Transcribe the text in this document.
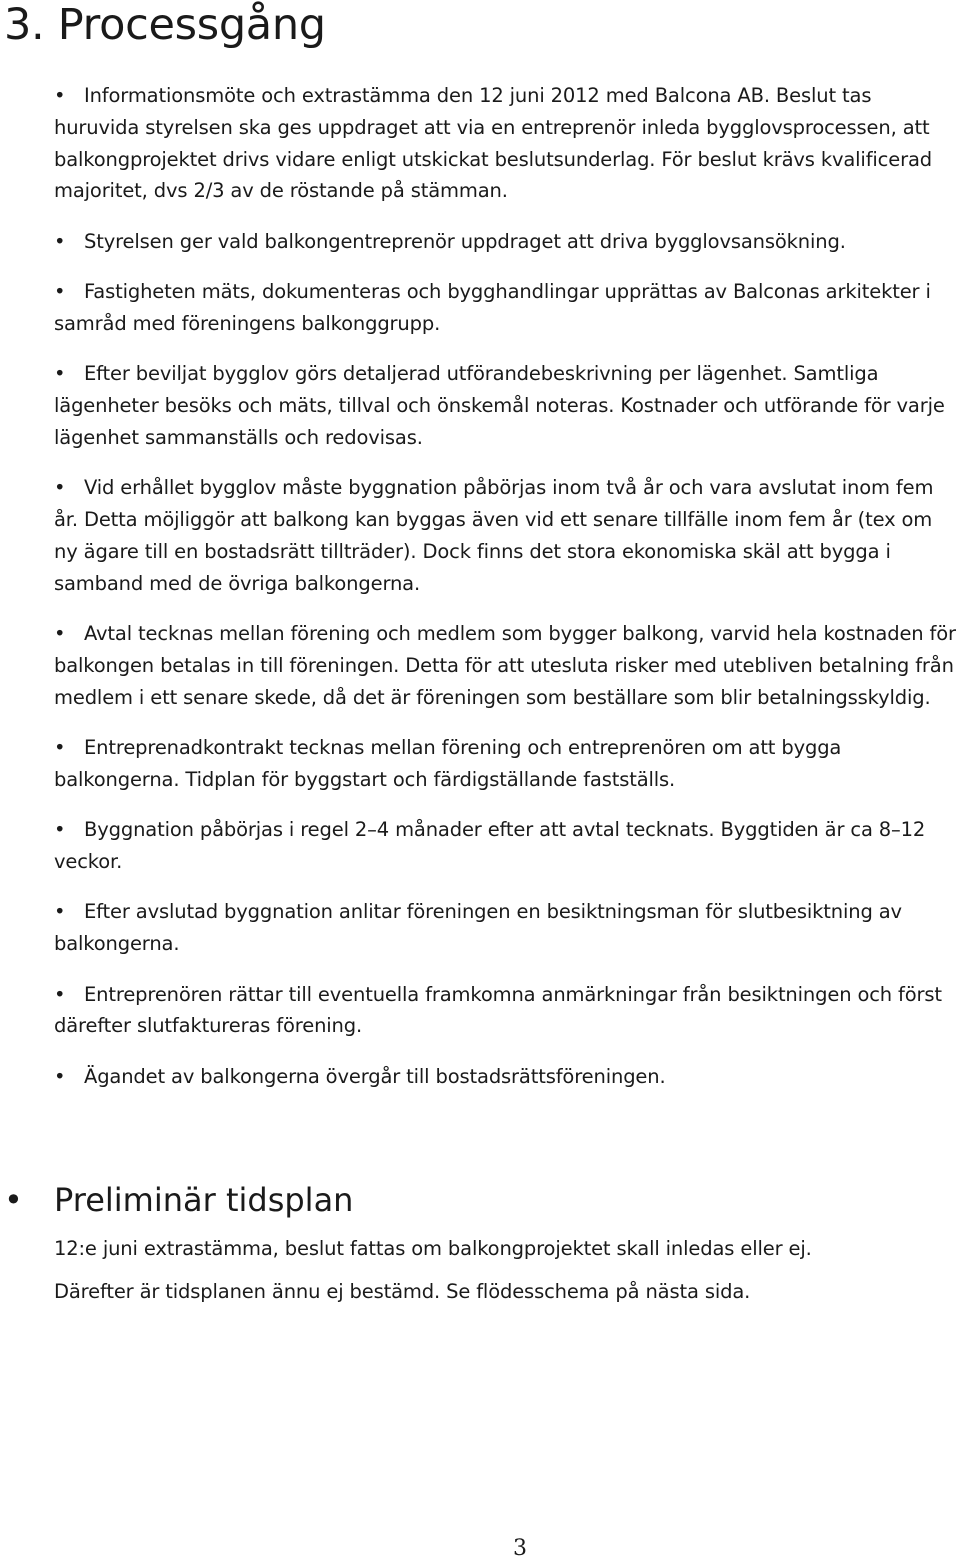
3. Processgång
• Informationsmöte och extrastämma den 12 juni 2012 med Balcona AB. Beslut tas huruvida styrelsen ska ges uppdraget att via en entreprenör inleda bygglovsprocessen, att balkongprojektet drivs vidare enligt utskickat beslutsunderlag. För beslut krävs kvalificerad majoritet, dvs 2/3 av de röstande på stämman.
• Styrelsen ger vald balkongentreprenör uppdraget att driva bygglovsansökning.
• Fastigheten mäts, dokumenteras och bygghandlingar upprättas av Balconas arkitekter i samråd med föreningens balkonggrupp.
• Efter beviljat bygglov görs detaljerad utförandebeskrivning per lägenhet. Samtliga lägenheter besöks och mäts, tillval och önskemål noteras. Kostnader och utförande för varje lägenhet sammanställs och redovisas.
• Vid erhållet bygglov måste byggnation påbörjas inom två år och vara avslutat inom fem år. Detta möjliggör att balkong kan byggas även vid ett senare tillfälle inom fem år (tex om ny ägare till en bostadsrätt tillträder). Dock finns det stora ekonomiska skäl att bygga i samband med de övriga balkongerna.
• Avtal tecknas mellan förening och medlem som bygger balkong, varvid hela kostnaden för balkongen betalas in till föreningen. Detta för att utesluta risker med utebliven betalning från medlem i ett senare skede, då det är föreningen som beställare som blir betalningsskyldig.
• Entreprenadkontrakt tecknas mellan förening och entreprenören om att bygga balkongerna. Tidplan för byggstart och färdigställande fastställs.
• Byggnation påbörjas i regel 2–4 månader efter att avtal tecknats. Byggtiden är ca 8–12 veckor.
• Efter avslutad byggnation anlitar föreningen en besiktningsman för slutbesiktning av balkongerna.
• Entreprenören rättar till eventuella framkomna anmärkningar från besiktningen och först därefter slutfaktureras förening.
• Ägandet av balkongerna övergår till bostadsrättsföreningen.
• Preliminär tidsplan

12:e juni extrastämma, beslut fattas om balkongprojektet skall inledas eller ej.

Därefter är tidsplanen ännu ej bestämd. Se flödesschema på nästa sida.

3
